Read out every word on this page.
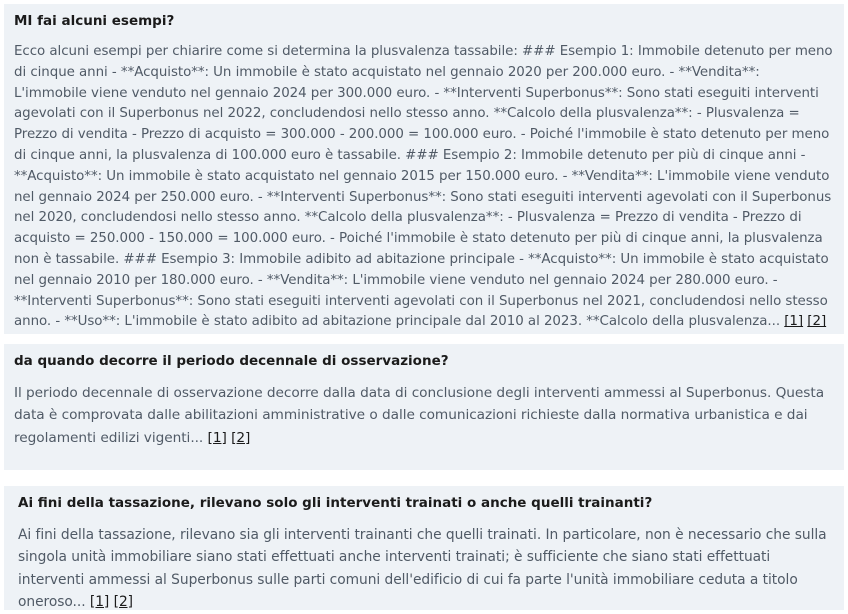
MI fai alcuni esempi?

Ecco alcuni esempi per chiarire come si determina la plusvalenza tassabile: ### Esempio 1: Immobile detenuto per meno di cinque anni - **Acquisto**: Un immobile è stato acquistato nel gennaio 2020 per 200.000 euro. - **Vendita**: L'immobile viene venduto nel gennaio 2024 per 300.000 euro. - **Interventi Superbonus**: Sono stati eseguiti interventi agevolati con il Superbonus nel 2022, concludendosi nello stesso anno. **Calcolo della plusvalenza**: - Plusvalenza = Prezzo di vendita - Prezzo di acquisto = 300.000 - 200.000 = 100.000 euro. - Poiché l'immobile è stato detenuto per meno di cinque anni, la plusvalenza di 100.000 euro è tassabile. ### Esempio 2: Immobile detenuto per più di cinque anni - **Acquisto**: Un immobile è stato acquistato nel gennaio 2015 per 150.000 euro. - **Vendita**: L'immobile viene venduto nel gennaio 2024 per 250.000 euro. - **Interventi Superbonus**: Sono stati eseguiti interventi agevolati con il Superbonus nel 2020, concludendosi nello stesso anno. **Calcolo della plusvalenza**: - Plusvalenza = Prezzo di vendita - Prezzo di acquisto = 250.000 - 150.000 = 100.000 euro. - Poiché l'immobile è stato detenuto per più di cinque anni, la plusvalenza non è tassabile. ### Esempio 3: Immobile adibito ad abitazione principale - **Acquisto**: Un immobile è stato acquistato nel gennaio 2010 per 180.000 euro. - **Vendita**: L'immobile viene venduto nel gennaio 2024 per 280.000 euro. - **Interventi Superbonus**: Sono stati eseguiti interventi agevolati con il Superbonus nel 2021, concludendosi nello stesso anno. - **Uso**: L'immobile è stato adibito ad abitazione principale dal 2010 al 2023. **Calcolo della plusvalenza... [1] [2]

da quando decorre il periodo decennale di osservazione?

Il periodo decennale di osservazione decorre dalla data di conclusione degli interventi ammessi al Superbonus. Questa data è comprovata dalle abilitazioni amministrative o dalle comunicazioni richieste dalla normativa urbanistica e dai regolamenti edilizi vigenti... [1] [2]

Ai fini della tassazione, rilevano solo gli interventi trainati o anche quelli trainanti?

Ai fini della tassazione, rilevano sia gli interventi trainanti che quelli trainati. In particolare, non è necessario che sulla singola unità immobiliare siano stati effettuati anche interventi trainati; è sufficiente che siano stati effettuati interventi ammessi al Superbonus sulle parti comuni dell'edificio di cui fa parte l'unità immobiliare ceduta a titolo oneroso... [1] [2]
